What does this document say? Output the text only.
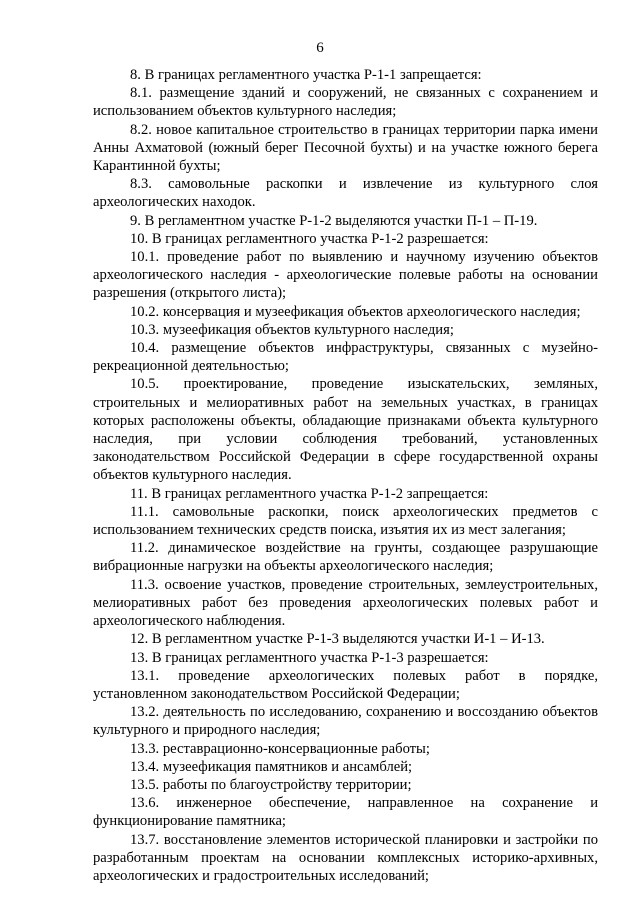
6

8. В границах регламентного участка Р-1-1 запрещается:

8.1. размещение зданий и сооружений, не связанных с сохранением и использованием объектов культурного наследия;

8.2. новое капитальное строительство в границах территории парка имени Анны Ахматовой (южный берег Песочной бухты) и на участке южного берега Карантинной бухты;

8.3. самовольные раскопки и извлечение из культурного слоя археологических находок.

9. В регламентном участке Р-1-2 выделяются участки П-1 – П-19.

10. В границах регламентного участка Р-1-2 разрешается:

10.1. проведение работ по выявлению и научному изучению объектов археологического наследия - археологические полевые работы на основании разрешения (открытого листа);

10.2. консервация и музеефикация объектов археологического наследия;

10.3. музеефикация объектов культурного наследия;

10.4. размещение объектов инфраструктуры, связанных с музейно-рекреационной деятельностью;

10.5. проектирование, проведение изыскательских, земляных, строительных и мелиоративных работ на земельных участках, в границах которых расположены объекты, обладающие признаками объекта культурного наследия, при условии соблюдения требований, установленных законодательством Российской Федерации в сфере государственной охраны объектов культурного наследия.

11. В границах регламентного участка Р-1-2 запрещается:

11.1. самовольные раскопки, поиск археологических предметов с использованием технических средств поиска, изъятия их из мест залегания;

11.2. динамическое воздействие на грунты, создающее разрушающие вибрационные нагрузки на объекты археологического наследия;

11.3. освоение участков, проведение строительных, землеустроительных, мелиоративных работ без проведения археологических полевых работ и археологического наблюдения.

12. В регламентном участке Р-1-3 выделяются участки И-1 – И-13.

13. В границах регламентного участка Р-1-3 разрешается:

13.1. проведение археологических полевых работ в порядке, установленном законодательством Российской Федерации;

13.2. деятельность по исследованию, сохранению и воссозданию объектов культурного и природного наследия;

13.3. реставрационно-консервационные работы;

13.4. музеефикация памятников и ансамблей;

13.5. работы по благоустройству территории;

13.6. инженерное обеспечение, направленное на сохранение и функционирование памятника;

13.7. восстановление элементов исторической планировки и застройки по разработанным проектам на основании комплексных историко-архивных, археологических и градостроительных исследований;
